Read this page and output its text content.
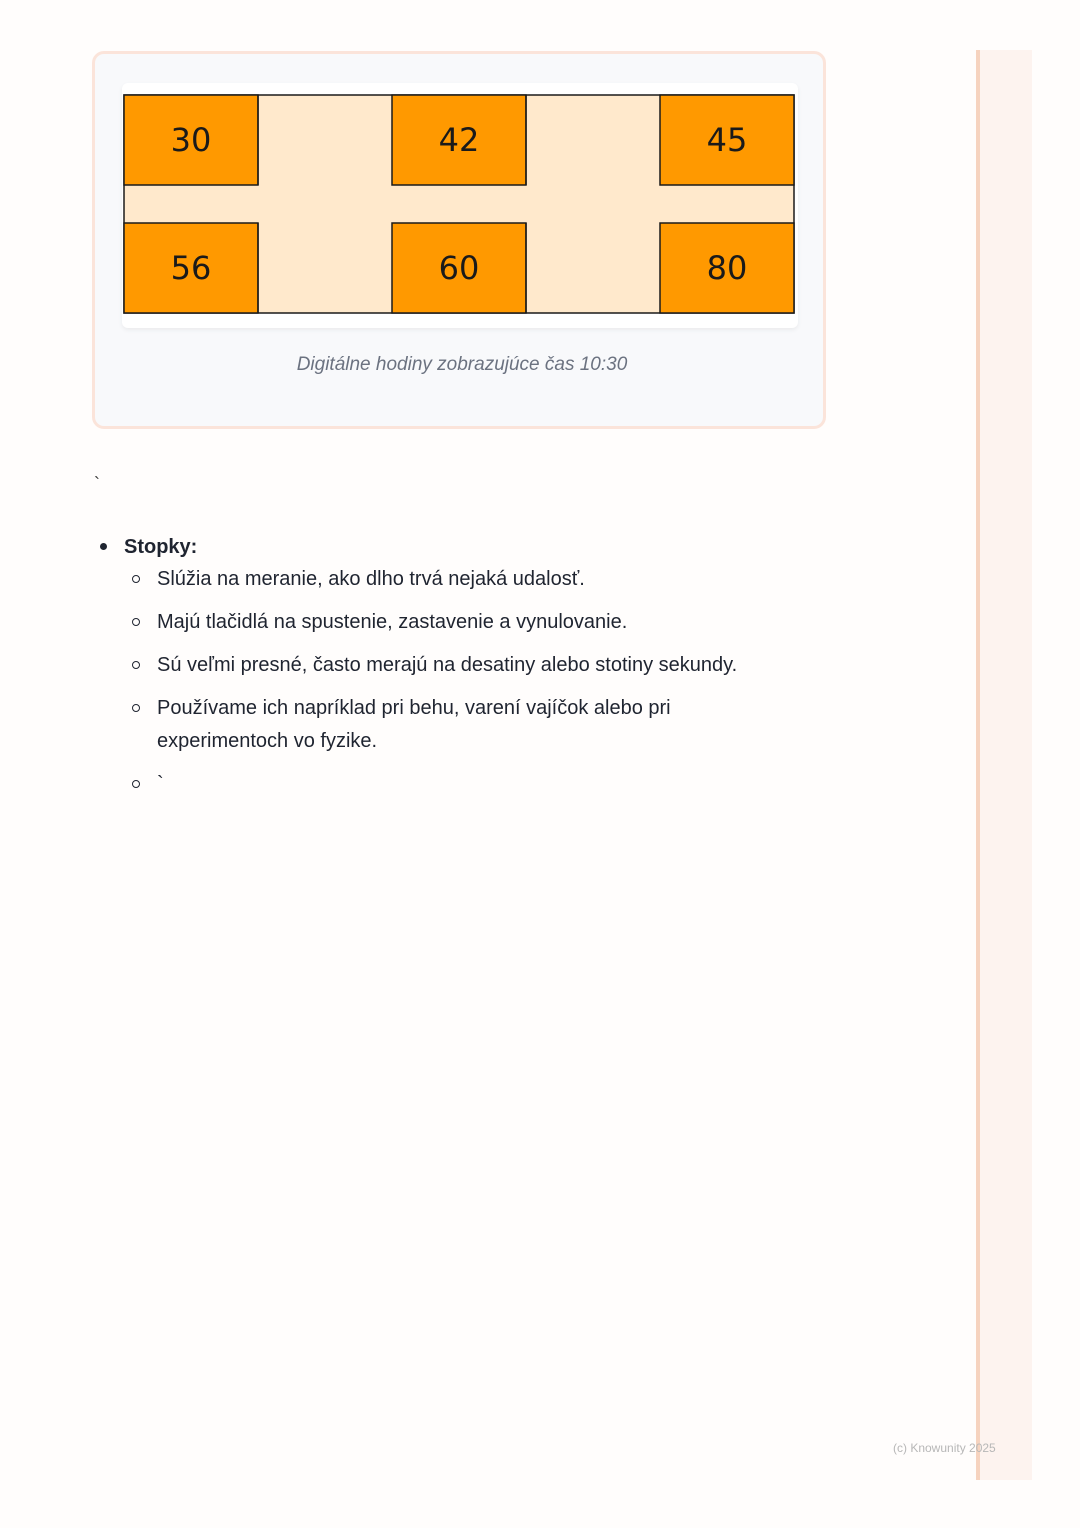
30	42	45
56	60	80
Digitálne hodiny zobrazujúce čas 10:30
`
Stopky:
Slúžia na meranie, ako dlho trvá nejaká udalosť.
Majú tlačidlá na spustenie, zastavenie a vynulovanie.
Sú veľmi presné, často merajú na desatiny alebo stotiny sekundy.
Používame ich napríklad pri behu, varení vajíčok alebo pri experimentoch vo fyzike.
`
(c) Knowunity 2025
